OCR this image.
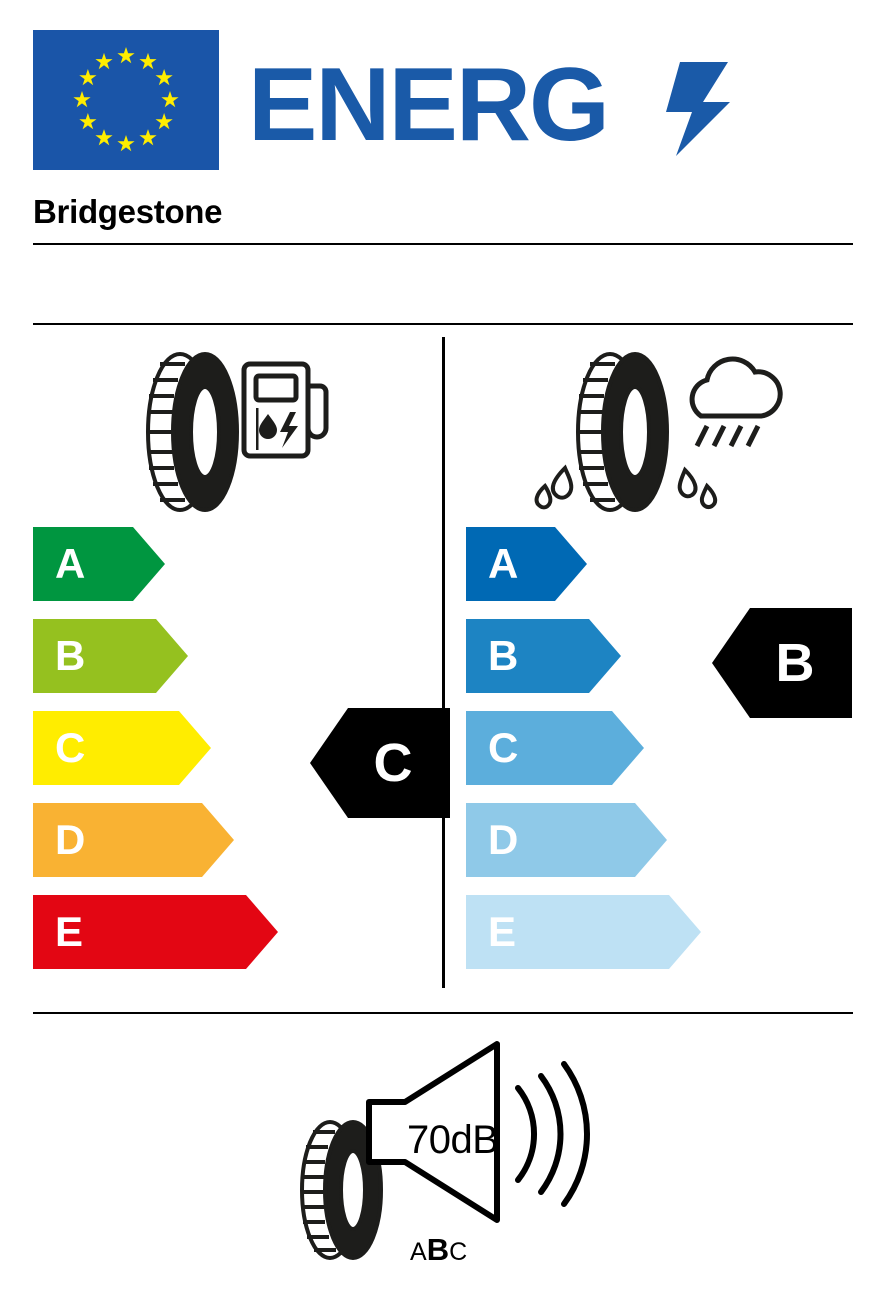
ENERG
Bridgestone
A
B
C
D
E
A
B
C
D
E
C
B
70dB
ABC
